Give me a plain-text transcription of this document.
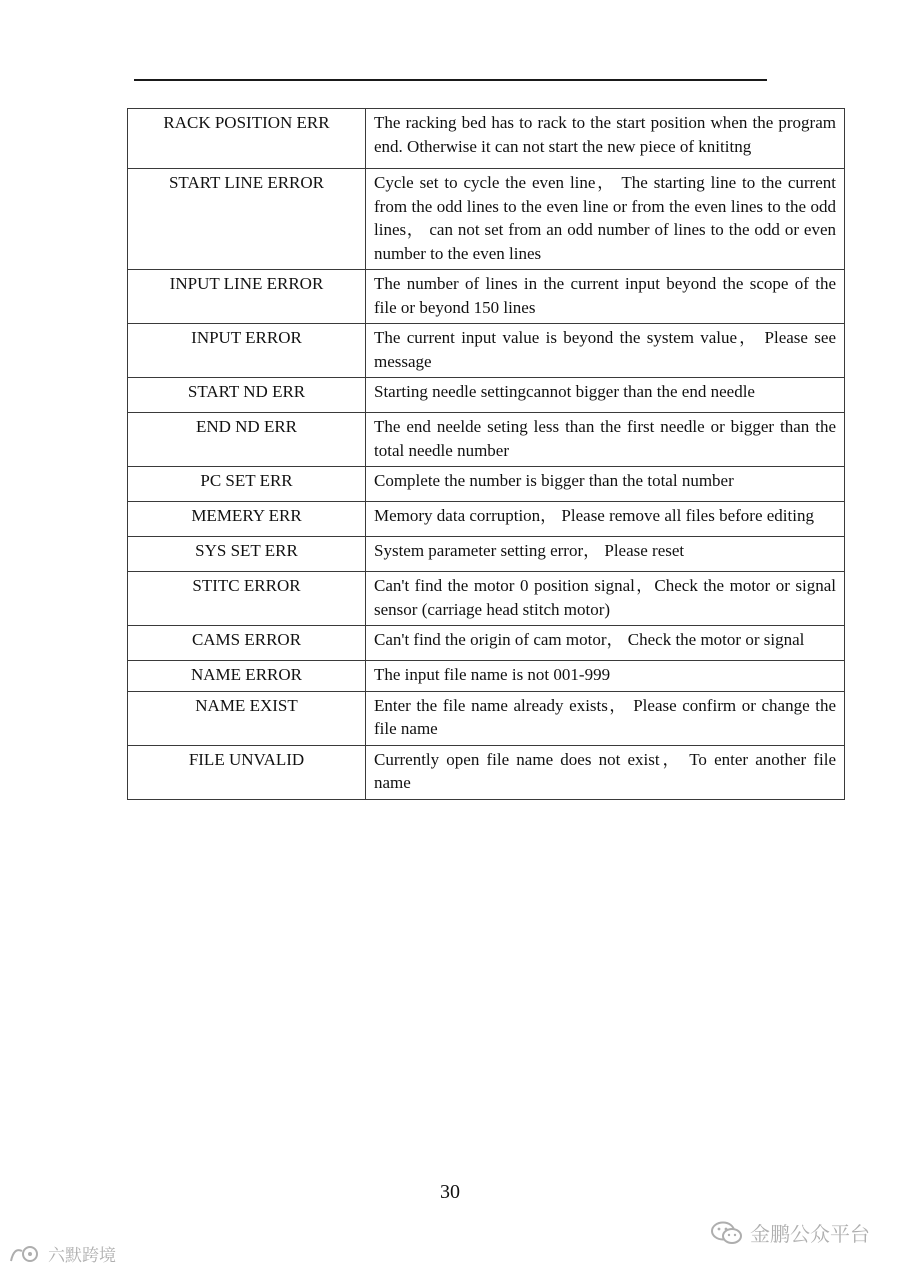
RACK POSITION ERR	The racking bed has to rack to the start position when the program end. Otherwise it can not start the new piece of knititng
START LINE ERROR	Cycle set to cycle the even line， The starting line to the current from the odd lines to the even line or from the even lines to the odd lines， can not set from an odd number of lines to the odd or even number to the even lines
INPUT LINE ERROR	The number of lines in the current input beyond the scope of the file or beyond 150 lines
INPUT ERROR	The current input value is beyond the system value， Please see message
START ND ERR	Starting needle settingcannot bigger than the end needle
END ND ERR	The end neelde seting less than the first needle or bigger than the total needle number
PC SET ERR	Complete the number is bigger than the total number
MEMERY ERR	Memory data corruption， Please remove all files before editing
SYS SET ERR	System parameter setting error， Please reset
STITC ERROR	Can't find the motor 0 position signal，Check the motor or signal sensor (carriage head stitch motor)
CAMS ERROR	Can't find the origin of cam motor， Check the motor or signal
NAME ERROR	The input file name is not 001-999
NAME EXIST	Enter the file name already exists， Please confirm or change the file name
FILE UNVALID	Currently open file name does not exist， To enter another file name
30
金鹏公众平台
六默跨境
